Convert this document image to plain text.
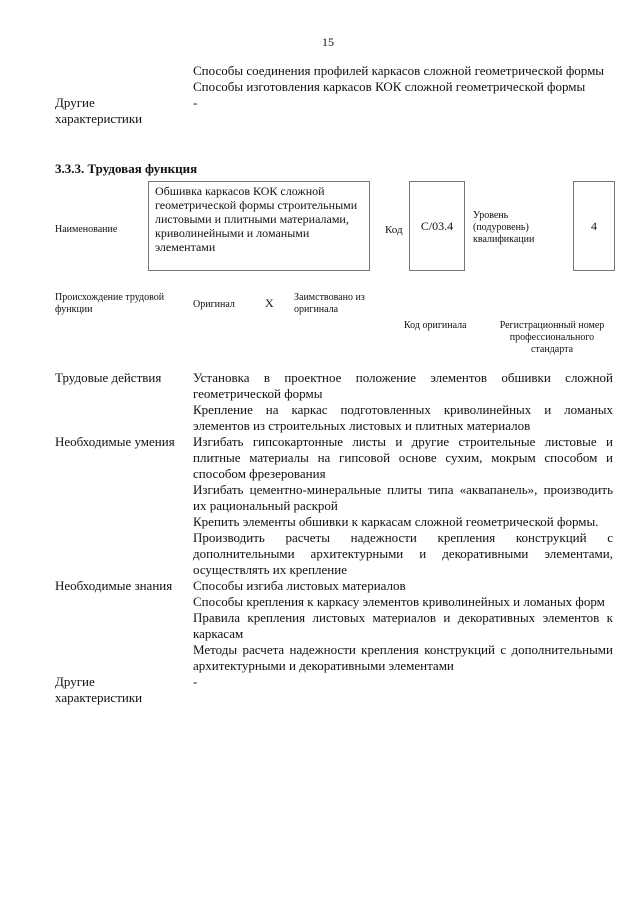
15
Способы соединения профилей каркасов сложной геометрической формы
Способы изготовления каркасов КОК сложной геометрической формы
Другие характеристики
-
3.3.3. Трудовая функция
Наименование
Обшивка каркасов КОК сложной геометрической формы строительными листовыми и плитными материалами, криволинейными и ломаными элементами
Код С/03.4
Уровень (подуровень) квалификации
4
Происхождение трудовой функции	Оригинал	X Заимствовано из оригинала
Код оригинала	Регистрационный номер профессионального стандарта
Трудовые действия Установка в проектное положение элементов обшивки сложной геометрической формы
Крепление на каркас подготовленных криволинейных и ломаных элементов из строительных листовых и плитных материалов
Необходимые умения Изгибать гипсокартонные листы и другие строительные листовые и плитные материалы на гипсовой основе сухим, мокрым способом и способом фрезерования
Изгибать цементно-минеральные плиты типа «аквапанель», производить их рациональный раскрой
Крепить элементы обшивки к каркасам сложной геометрической формы.
Производить расчеты надежности крепления конструкций с дополнительными архитектурными и декоративными элементами, осуществлять их крепление
Необходимые знания Способы изгиба листовых материалов
Способы крепления к каркасу элементов криволинейных и ломаных форм
Правила крепления листовых материалов и декоративных элементов к каркасам
Методы расчета надежности крепления конструкций с дополнительными архитектурными и декоративными элементами
Другие характеристики
-
